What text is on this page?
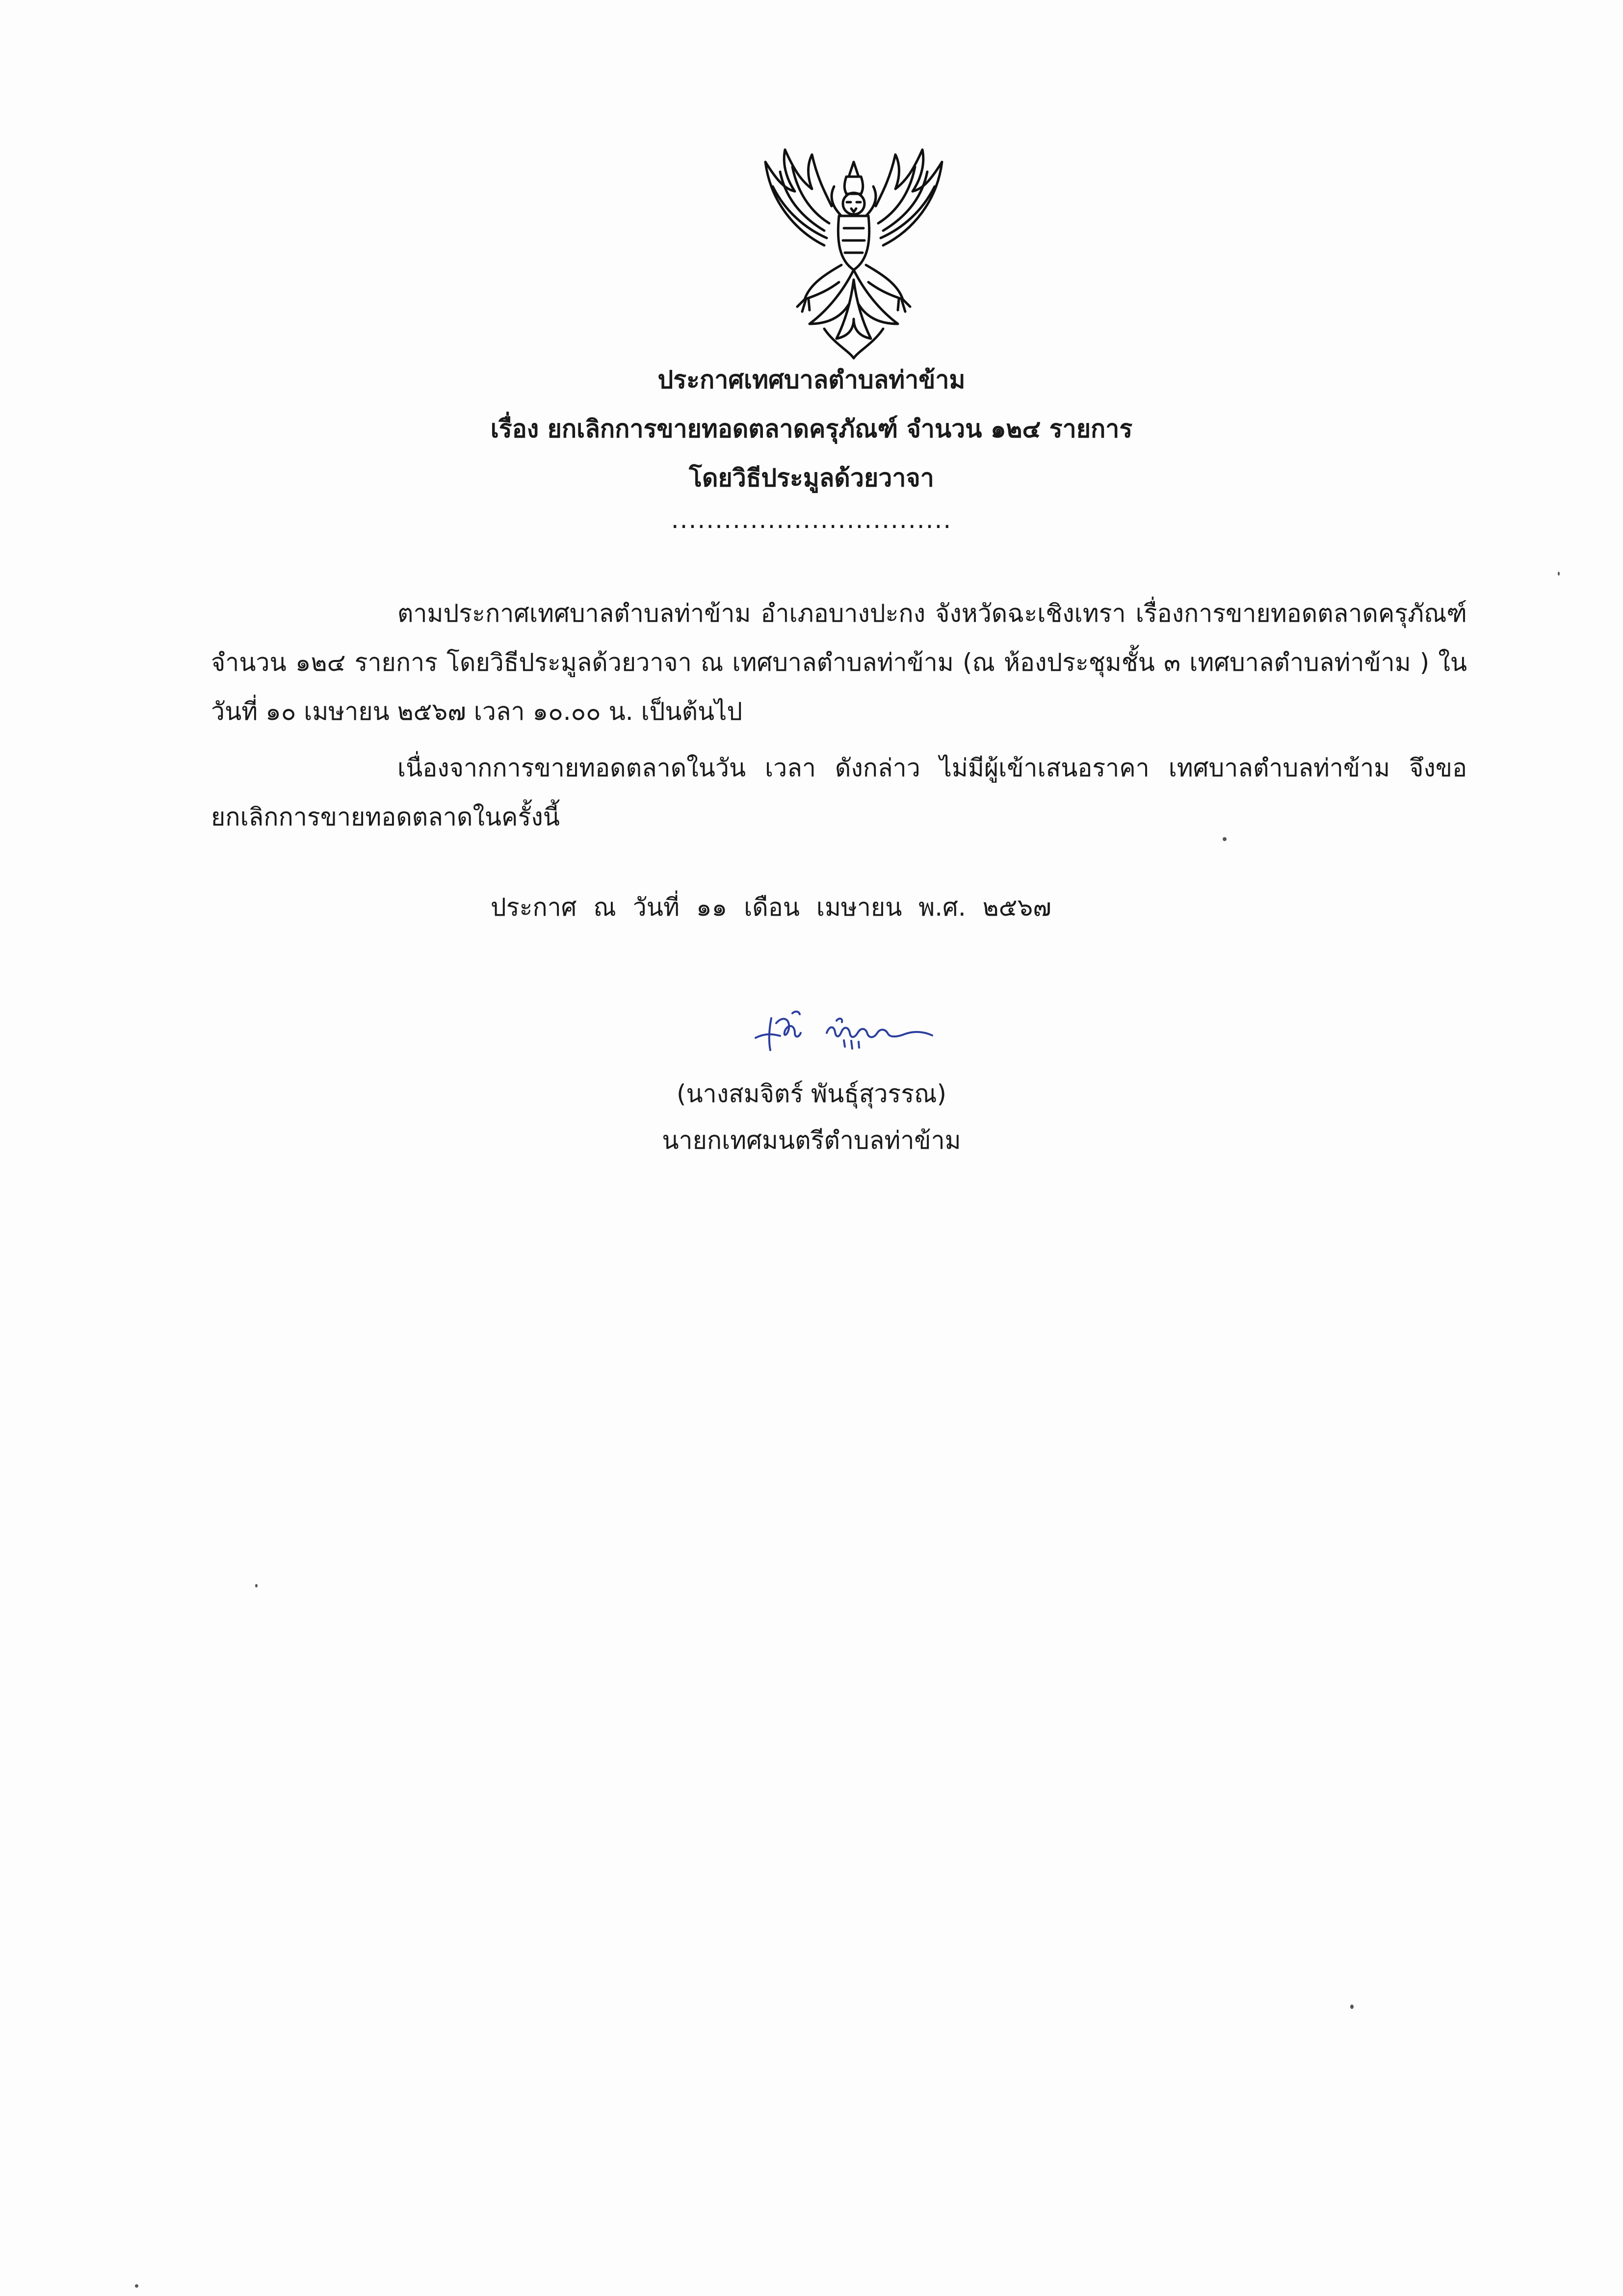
ประกาศเทศบาลตำบลท่าข้าม
เรื่อง ยกเลิกการขายทอดตลาดครุภัณฑ์ จำนวน ๑๒๔ รายการ
โดยวิธีประมูลด้วยวาจา
................................

ตามประกาศเทศบาลตำบลท่าข้าม อำเภอบางปะกง จังหวัดฉะเชิงเทรา เรื่องการขายทอดตลาดครุภัณฑ์ จำนวน ๑๒๔ รายการ โดยวิธีประมูลด้วยวาจา ณ เทศบาลตำบลท่าข้าม (ณ ห้องประชุมชั้น ๓ เทศบาลตำบลท่าข้าม ) ในวันที่ ๑๐ เมษายน ๒๕๖๗ เวลา ๑๐.๐๐ น. เป็นต้นไป

เนื่องจากการขายทอดตลาดในวัน เวลา ดังกล่าว ไม่มีผู้เข้าเสนอราคา เทศบาลตำบลท่าข้าม จึงขอยกเลิกการขายทอดตลาดในครั้งนี้

ประกาศ ณ วันที่ ๑๑ เดือน เมษายน พ.ศ. ๒๕๖๗
(นางสมจิตร์ พันธุ์สุวรรณ)
นายกเทศมนตรีตำบลท่าข้าม
